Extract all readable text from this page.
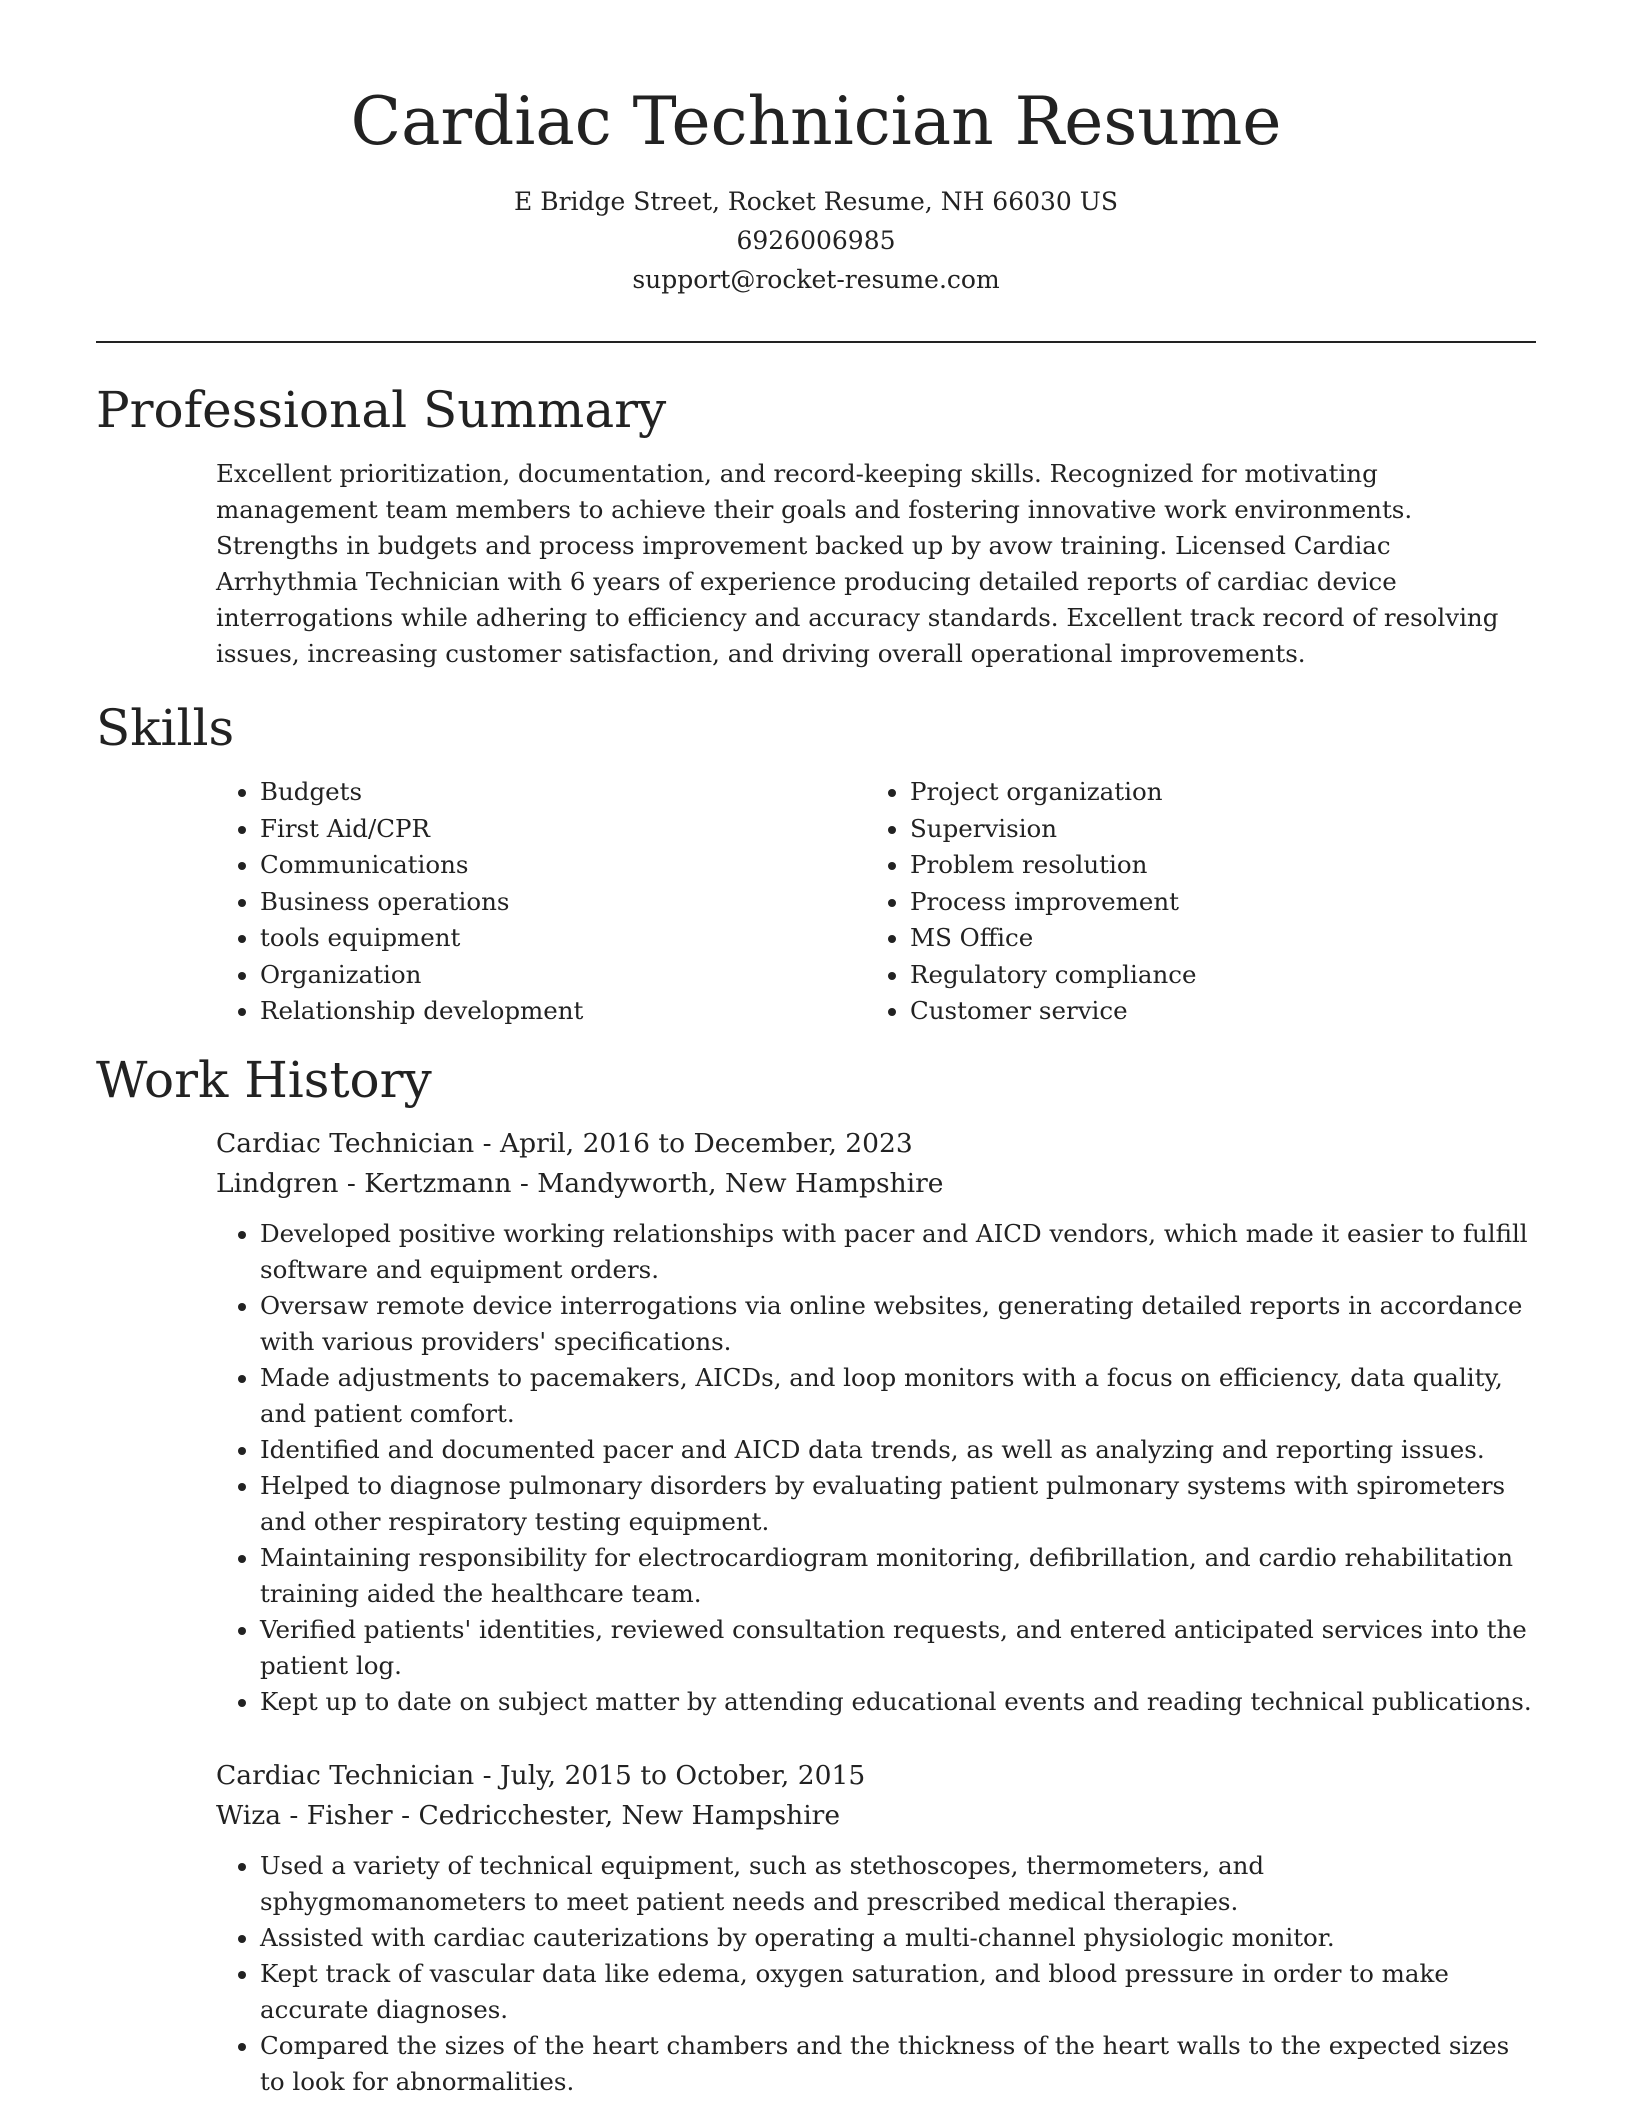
Cardiac Technician Resume
E Bridge Street, Rocket Resume, NH 66030 US
6926006985
support@rocket-resume.com
Professional Summary
Excellent prioritization, documentation, and record-keeping skills. Recognized for motivating management team members to achieve their goals and fostering innovative work environments. Strengths in budgets and process improvement backed up by avow training. Licensed Cardiac Arrhythmia Technician with 6 years of experience producing detailed reports of cardiac device interrogations while adhering to efficiency and accuracy standards. Excellent track record of resolving issues, increasing customer satisfaction, and driving overall operational improvements.
Skills
• Budgets
• First Aid/CPR
• Communications
• Business operations
• tools equipment
• Organization
• Relationship development
• Project organization
• Supervision
• Problem resolution
• Process improvement
• MS Office
• Regulatory compliance
• Customer service
Work History
Cardiac Technician - April, 2016 to December, 2023
Lindgren - Kertzmann - Mandyworth, New Hampshire
• Developed positive working relationships with pacer and AICD vendors, which made it easier to fulfill software and equipment orders.
• Oversaw remote device interrogations via online websites, generating detailed reports in accordance with various providers' specifications.
• Made adjustments to pacemakers, AICDs, and loop monitors with a focus on efficiency, data quality, and patient comfort.
• Identified and documented pacer and AICD data trends, as well as analyzing and reporting issues.
• Helped to diagnose pulmonary disorders by evaluating patient pulmonary systems with spirometers and other respiratory testing equipment.
• Maintaining responsibility for electrocardiogram monitoring, defibrillation, and cardio rehabilitation training aided the healthcare team.
• Verified patients' identities, reviewed consultation requests, and entered anticipated services into the patient log.
• Kept up to date on subject matter by attending educational events and reading technical publications.
Cardiac Technician - July, 2015 to October, 2015
Wiza - Fisher - Cedricchester, New Hampshire
• Used a variety of technical equipment, such as stethoscopes, thermometers, and sphygmomanometers to meet patient needs and prescribed medical therapies.
• Assisted with cardiac cauterizations by operating a multi-channel physiologic monitor.
• Kept track of vascular data like edema, oxygen saturation, and blood pressure in order to make accurate diagnoses.
• Compared the sizes of the heart chambers and the thickness of the heart walls to the expected sizes to look for abnormalities.
